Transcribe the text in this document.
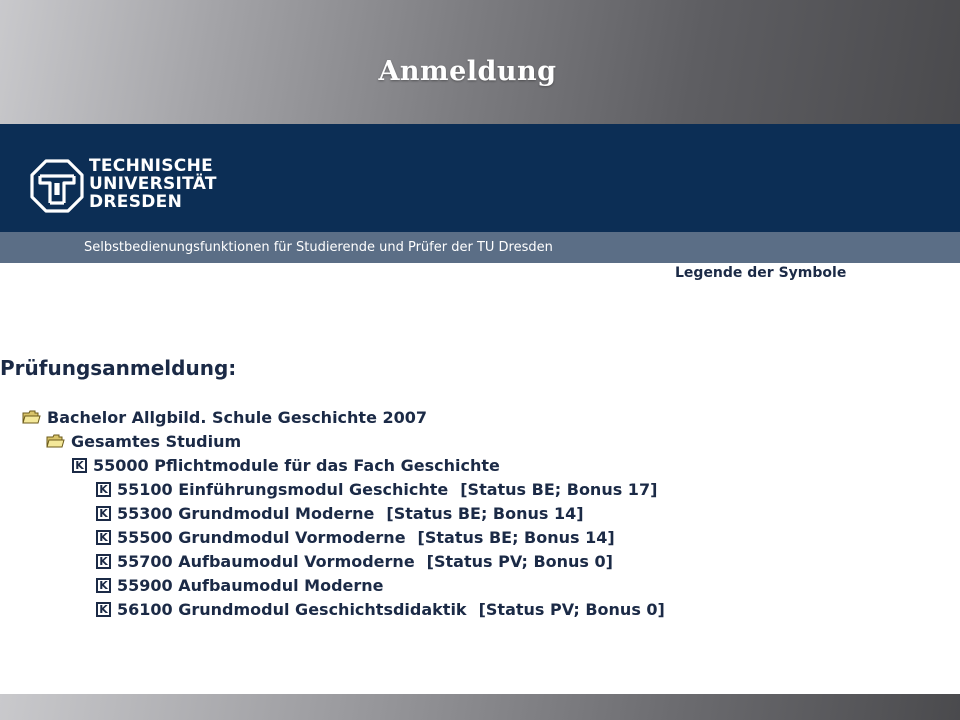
Anmeldung
TECHNISCHE
UNIVERSITÄT
DRESDEN
Selbstbedienungsfunktionen für Studierende und Prüfer der TU Dresden
Legende der Symbole
Prüfungsanmeldung:
Bachelor Allgbild. Schule Geschichte 2007
Gesamtes Studium
K 55000 Pflichtmodule für das Fach Geschichte
K 55100 Einführungsmodul Geschichte [Status BE; Bonus 17]
K 55300 Grundmodul Moderne [Status BE; Bonus 14]
K 55500 Grundmodul Vormoderne [Status BE; Bonus 14]
K 55700 Aufbaumodul Vormoderne [Status PV; Bonus 0]
K 55900 Aufbaumodul Moderne
K 56100 Grundmodul Geschichtsdidaktik [Status PV; Bonus 0]
